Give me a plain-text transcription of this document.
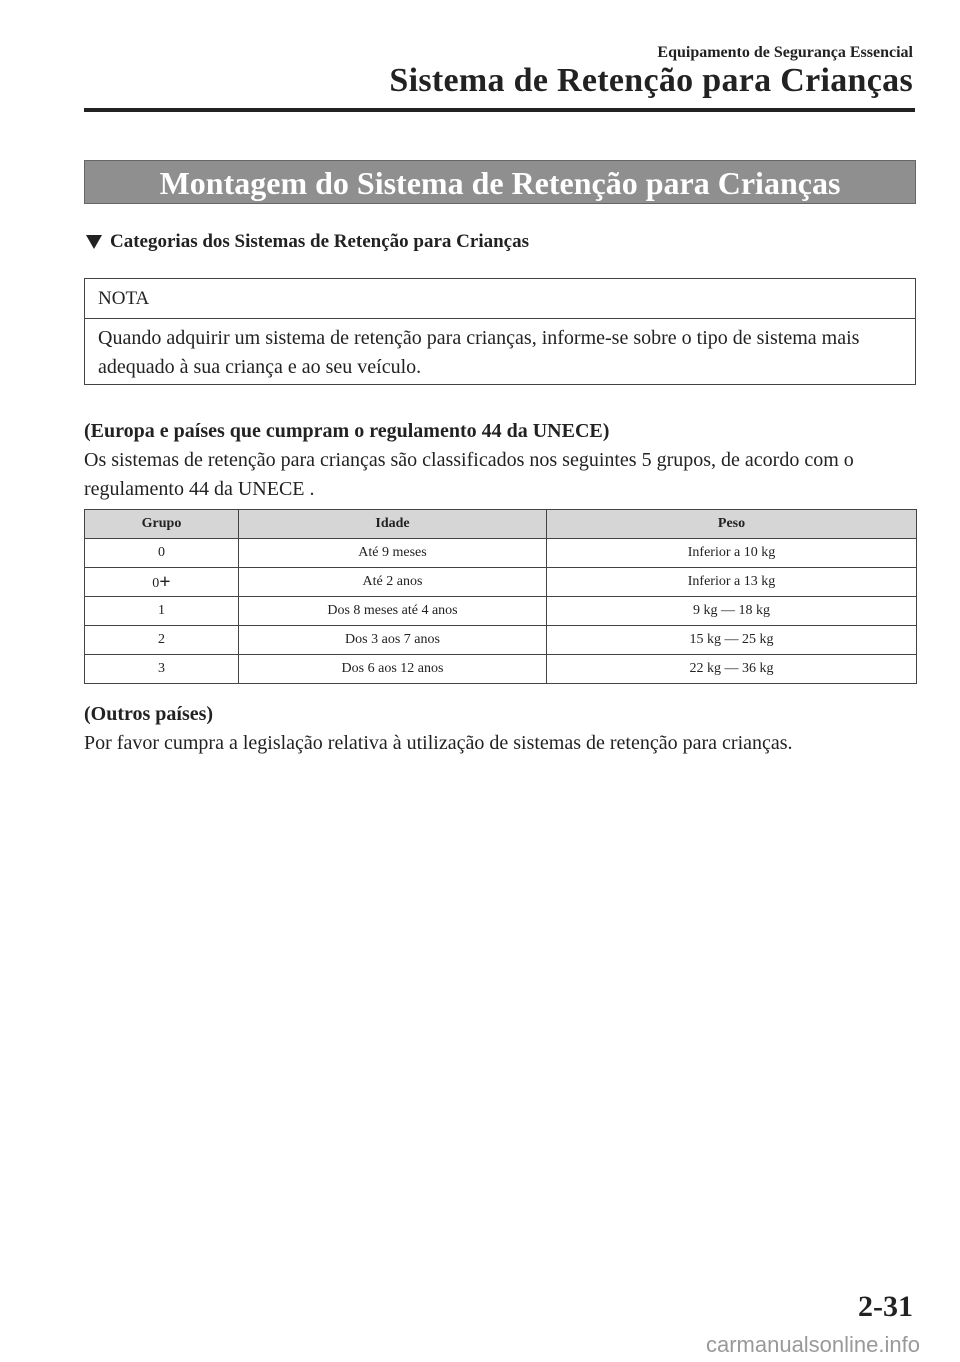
Equipamento de Segurança Essencial
Sistema de Retenção para Crianças
Montagem do Sistema de Retenção para Crianças
Categorias dos Sistemas de Retenção para Crianças
NOTA
Quando adquirir um sistema de retenção para crianças, informe-se sobre o tipo de sistema mais adequado à sua criança e ao seu veículo.
(Europa e países que cumpram o regulamento 44 da UNECE)
Os sistemas de retenção para crianças são classificados nos seguintes 5 grupos, de acordo com o regulamento 44 da UNECE .
Grupo	Idade	Peso
0	Até 9 meses	Inferior a 10 kg
0+	Até 2 anos	Inferior a 13 kg
1	Dos 8 meses até 4 anos	9 kg — 18 kg
2	Dos 3 aos 7 anos	15 kg — 25 kg
3	Dos 6 aos 12 anos	22 kg — 36 kg
(Outros países)
Por favor cumpra a legislação relativa à utilização de sistemas de retenção para crianças.
2-31
carmanualsonline.info
